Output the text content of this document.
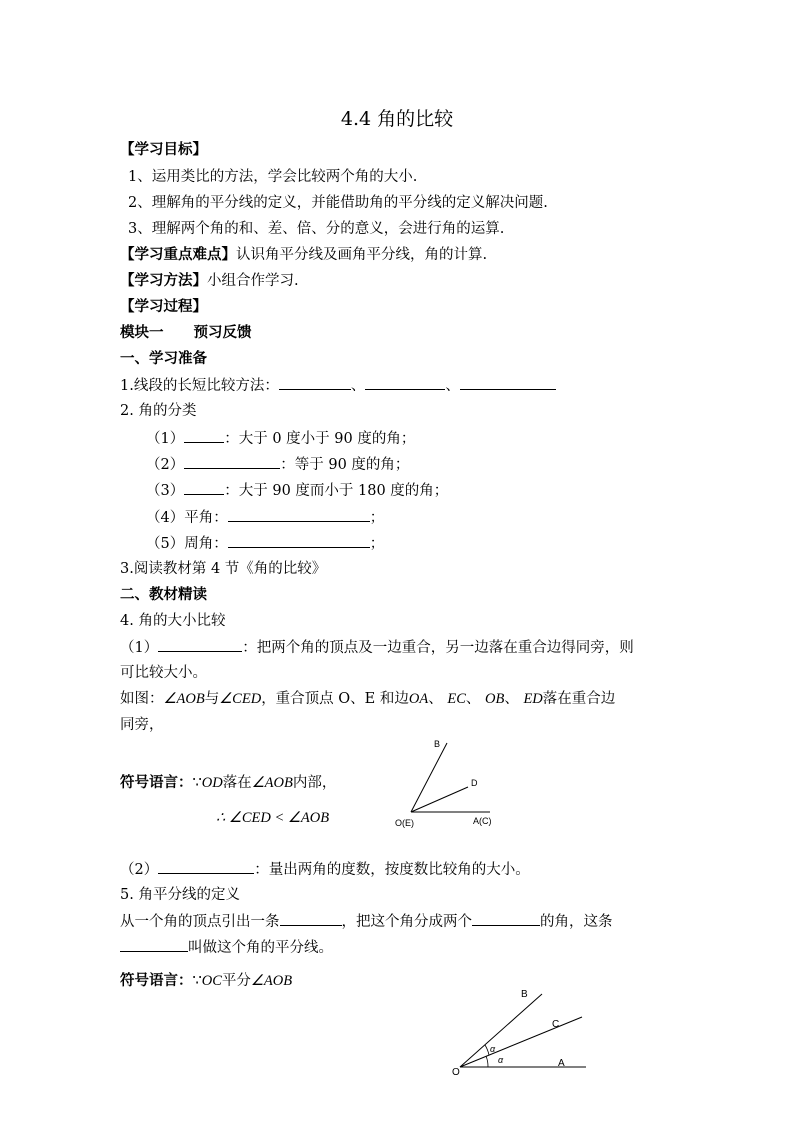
4.4 角的比较
【学习目标】
1、运用类比的方法，学会比较两个角的大小.
2、理解角的平分线的定义，并能借助角的平分线的定义解决问题.
3、理解两个角的和、差、倍、分的意义，会进行角的运算.
【学习重点难点】认识角平分线及画角平分线，角的计算.
【学习方法】小组合作学习.
【学习过程】
模块一 预习反馈
一、学习准备
1.线段的长短比较方法：	、	、
2. 角的分类
（1）	：大于 0 度小于 90 度的角；
（2）	：等于 90 度的角；
（3）	：大于 90 度而小于 180 度的角；
（4）平角：	；
（5）周角：	；
3.阅读教材第 4 节《角的比较》
二、教材精读
4. 角的大小比较
（1）	：把两个角的顶点及一边重合，另一边落在重合边得同旁，则
可比较大小。
如图：∠AOB与∠CED，重合顶点 O、E 和边OA、 EC、 OB、 ED落在重合边
同旁，
符号语言：∵OD落在∠AOB内部，
∴ ∠CED < ∠AOB
B
D
O(E)	A(C)
（2）	：量出两角的度数，按度数比较角的大小。
5. 角平分线的定义
从一个角的顶点引出一条	，把这个角分成两个	的角，这条
叫做这个角的平分线。
符号语言：∵OC平分∠AOB
B
C
O
A
α
α
